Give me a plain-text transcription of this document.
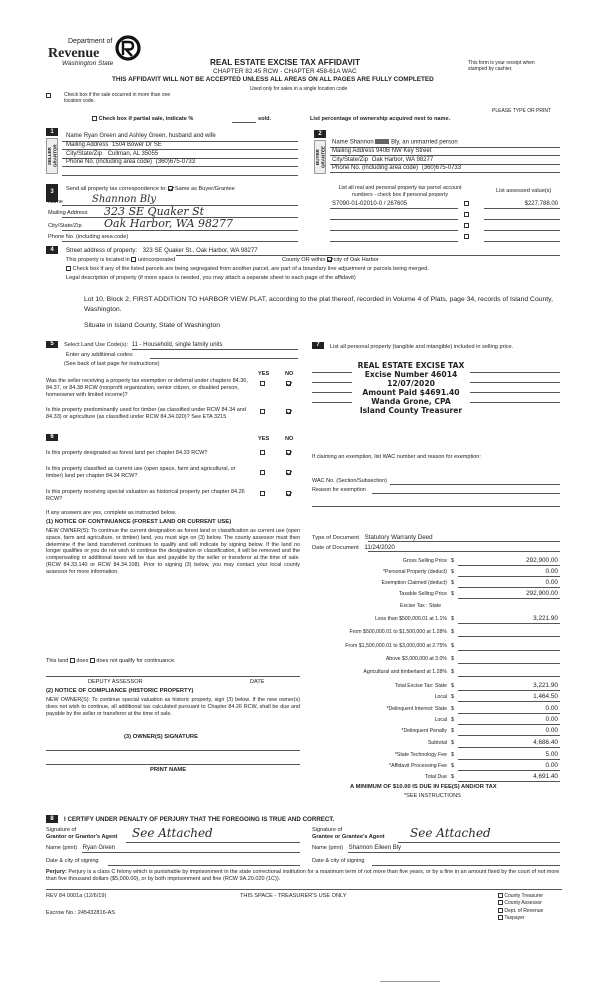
Department of
Revenue
Washington State	REAL ESTATE EXCISE TAX AFFIDAVIT
CHAPTER 82.45 RCW - CHAPTER 458-61A WAC
THIS AFFIDAVIT WILL NOT BE ACCEPTED UNLESS ALL AREAS ON ALL PAGES ARE FULLY COMPLETED
Used only for sales in a single location code
This form is your receipt when stamped by cashier.
Check box if the sale occurred in more than one location code.
PLEASE TYPE OR PRINT
Check box if partial sale, indicate %	sold.	List percentage of ownership acquired next to name.
1
SELLER GRANTOR
Name Ryan Green and Ashley Green, husband and wife
Mailing Address 1504 Bower Dr SE
City/State/Zip Cullman, AL 35055
Phone No. (including area code) (360)675-0733
2
BUYER GRANTEE
Name Shannon	Bly, an unmarried person
Mailing Address 940B NW Key Street
City/State/Zip Oak Harbor, WA 98277
Phone No. (including area code) (360)675-0733
3	Send all property tax correspondence to: Same as Buyer/Grantee
Name	Shannon Bly
Mailing Address 323 SE Quaker St
City/State/Zip Oak Harbor, WA 98277
Phone No. (including area code)
List all real and personal property tax parcel account numbers - check box if personal property
List assessed value(s)
S7090-01-02010-0 / 267605	$227,788.00
4	Street address of property: 323 SE Quaker St., Oak Harbor, WA 98277
This property is located in unincorporated	County OR within city of Oak Harbor
Check box if any of the listed parcels are being segregated from another parcel, are part of a boundary line adjustment or parcels being merged.
Legal description of property (if more space is needed, you may attach a separate sheet to each page of the affidavit)
Lot 10, Block 2, FIRST ADDITION TO HARBOR VIEW PLAT, according to the plat thereof, recorded in Volume 4 of Plats, page 34, records of Island County, Washington.
Situate in Island County, State of Washington
5	Select Land Use Code(s): 11 - Household, single family units
Enter any additional codes:
(See back of last page for instructions)
YES	NO
Was the seller receiving a property tax exemption or deferral under chapters 84.36, 84.37, or 84.38 RCW (nonprofit organization, senior citizen, or disabled person, homeowner with limited income)?
Is this property predominantly used for timber (as classified under RCW 84.34 and 84.33) or agriculture (as classified under RCW 84.34.020)? See ETA 3215
6	YES	NO
Is this property designated as forest land per chapter 84.33 RCW?
Is this property classified as current use (open space, farm and agricultural, or timber) land per chapter 84.34 RCW?
Is this property receiving special valuation as historical property per chapter 84.26 RCW?
If any answers are yes, complete as instructed below.
(1) NOTICE OF CONTINUANCE (FOREST LAND OR CURRENT USE)
NEW OWNER(S): To continue the current designation as forest land or classification as current use (open space, farm and agriculture, or timber) land, you must sign on (3) below. The county assessor must then determine if the land transferred continues to qualify and will indicate by signing below. If the land no longer qualifies or you do not wish to continue the designation or classification, it will be removed and the compensating or additional taxes will be due and payable by the seller or transferor at the time of sale. (RCW 84.33.140 or RCW 84.34.108). Prior to signing (3) below, you may contact your local county assessor for more information.
This land does does not qualify for continuance.
DEPUTY ASSESSOR	DATE
(2) NOTICE OF COMPLIANCE (HISTORIC PROPERTY)
NEW OWNER(S): To continue special valuation as historic property, sign (3) below. If the new owner(s) does not wish to continue, all additional tax calculated pursuant to Chapter 84.26 RCW, shall be due and payable by the seller or transferor at the time of sale.
(3) OWNER(S) SIGNATURE
PRINT NAME
7	List all personal property (tangible and intangible) included in selling price.
REAL ESTATE EXCISE TAX
Excise Number 46014
12/07/2020
Amount Paid $4691.40
Wanda Grone, CPA
Island County Treasurer
If claiming an exemption, list WAC number and reason for exemption:
WAC No. (Section/Subsection)
Reason for exemption
Type of Document Statutory Warranty Deed
Date of Document 11/24/2020
Gross Selling Price $	292,900.00
*Personal Property (deduct) $	0.00
Exemption Claimed (deduct) $	0.00
Taxable Selling Price $	292,900.00
Excise Tax : State
Less than $500,000.01 at 1.1% $	3,221.90
From $500,000.01 to $1,500,000 at 1.28% $
From $1,500,000.01 to $3,000,000 at 2.75% $
Above $3,000,000 at 3.0% $
Agricultural and timberland at 1.28% $
Total Excise Tax: State $	3,221.90
Local $	1,464.50
*Delinquent Interest: State $	0.00
Local $	0.00
*Delinquent Penalty $	0.00
Subtotal $	4,686.40
*State Technology Fee $	5.00
*Affidavit Processing Fee $	0.00
Total Due $	4,691.40
A MINIMUM OF $10.00 IS DUE IN FEE(S) AND/OR TAX
*SEE INSTRUCTIONS
8	I CERTIFY UNDER PENALTY OF PERJURY THAT THE FOREGOING IS TRUE AND CORRECT.
Signature of
Grantor or Grantor's Agent See Attached
Name (print) Ryan Green
Date & city of signing
Signature of
Grantee or Grantee's Agent See Attached
Name (print) Shannon Eileen Bly
Date & city of signing
Perjury: Perjury is a class C felony which is punishable by imprisonment in the state correctional institution for a maximum term of not more than five years, or by a fine in an amount fixed by the court of not more than five thousand dollars ($5,000.00), or by both imprisonment and fine (RCW 9A.20.020 (1C)).
REV 84 0001a (12/6/19)	THIS SPACE - TREASURER'S USE ONLY
Escrow No.: 245432816-AS
County Treasurer
County Assessor
Dept. of Revenue
Taxpayer
